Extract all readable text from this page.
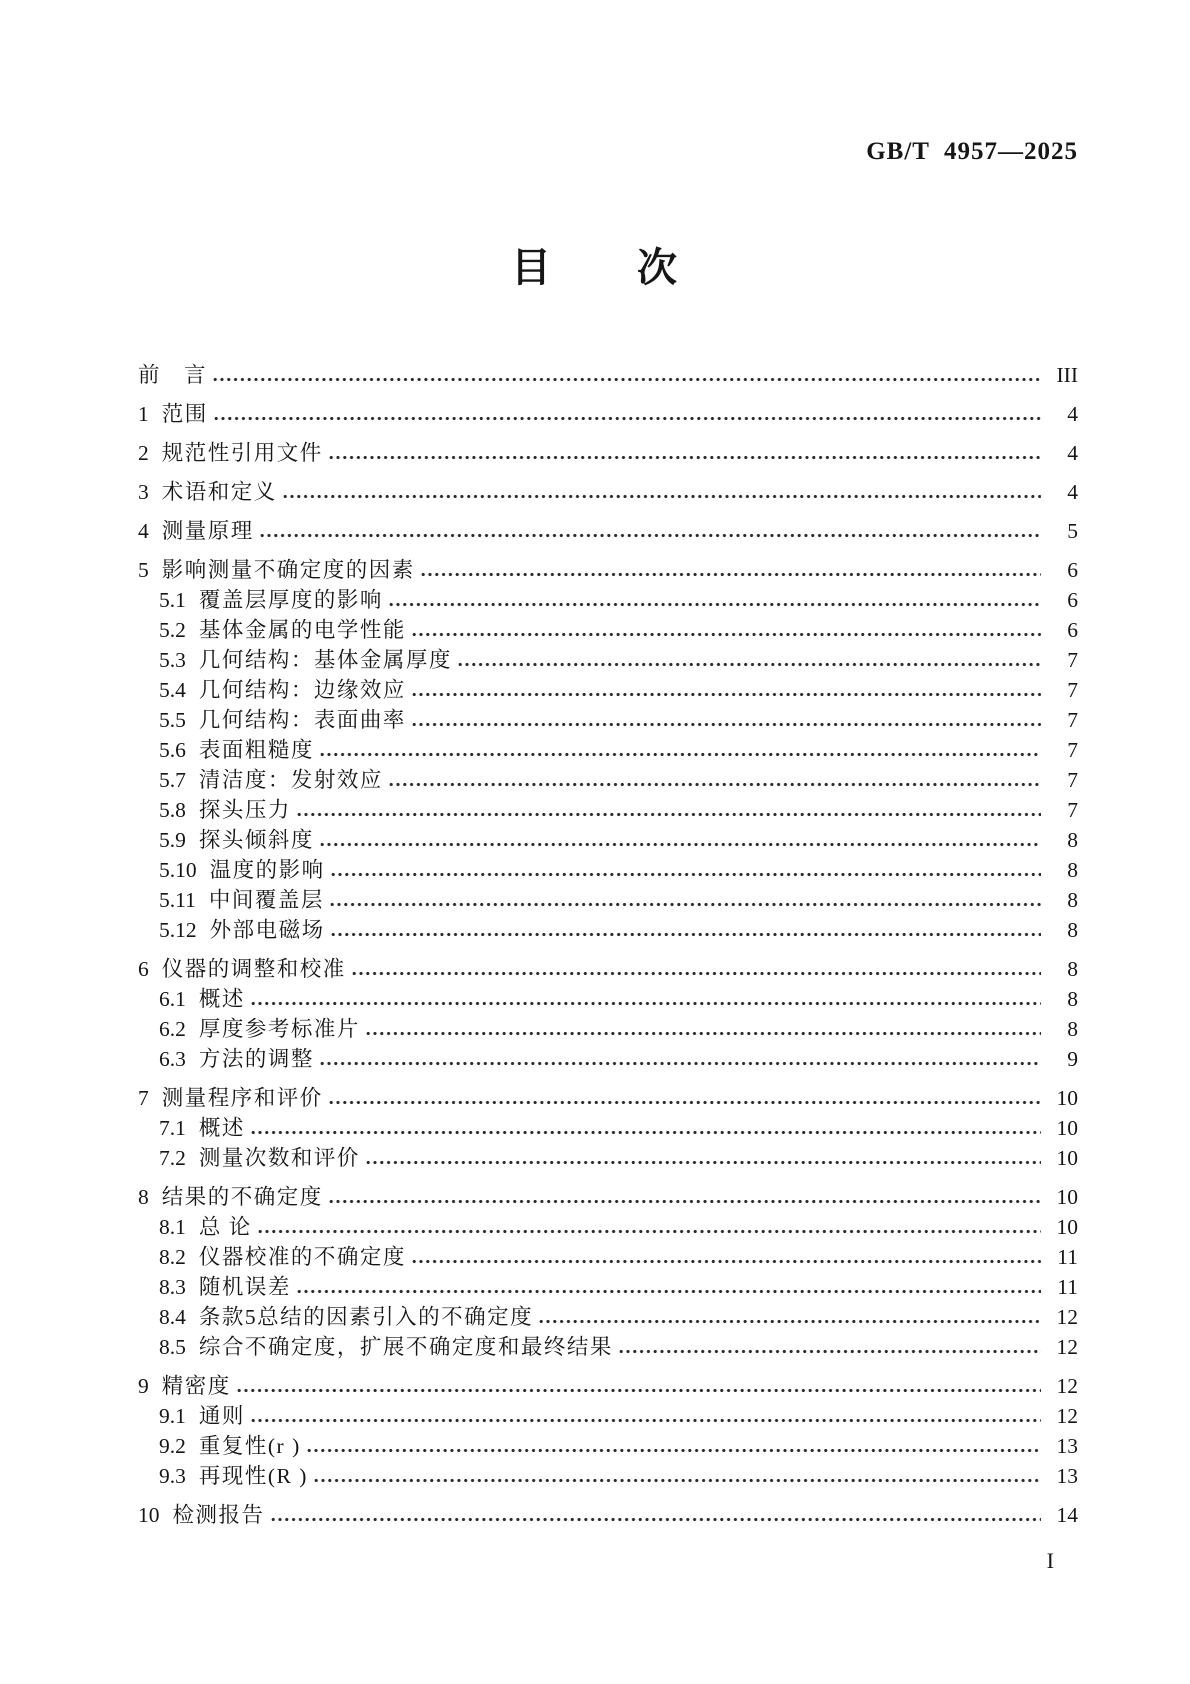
GB/T  4957—2025
目　　次
前　言	III
1 范围	4
2 规范性引用文件	4
3 术语和定义	4
4 测量原理	5
5 影响测量不确定度的因素	6
5.1 覆盖层厚度的影响	6
5.2 基体金属的电学性能	6
5.3 几何结构：基体金属厚度	7
5.4 几何结构：边缘效应	7
5.5 几何结构：表面曲率	7
5.6 表面粗糙度	7
5.7 清洁度：发射效应	7
5.8 探头压力	7
5.9 探头倾斜度	8
5.10 温度的影响	8
5.11 中间覆盖层	8
5.12 外部电磁场	8
6 仪器的调整和校准	8
6.1 概述	8
6.2 厚度参考标准片	8
6.3 方法的调整	9
7 测量程序和评价	10
7.1 概述	10
7.2 测量次数和评价	10
8 结果的不确定度	10
8.1 总 论	10
8.2 仪器校准的不确定度	11
8.3 随机误差	11
8.4 条款5总结的因素引入的不确定度	12
8.5 综合不确定度，扩展不确定度和最终结果	12
9 精密度	12
9.1 通则	12
9.2 重复性(r )	13
9.3 再现性(R )	13
10 检测报告	14
I
